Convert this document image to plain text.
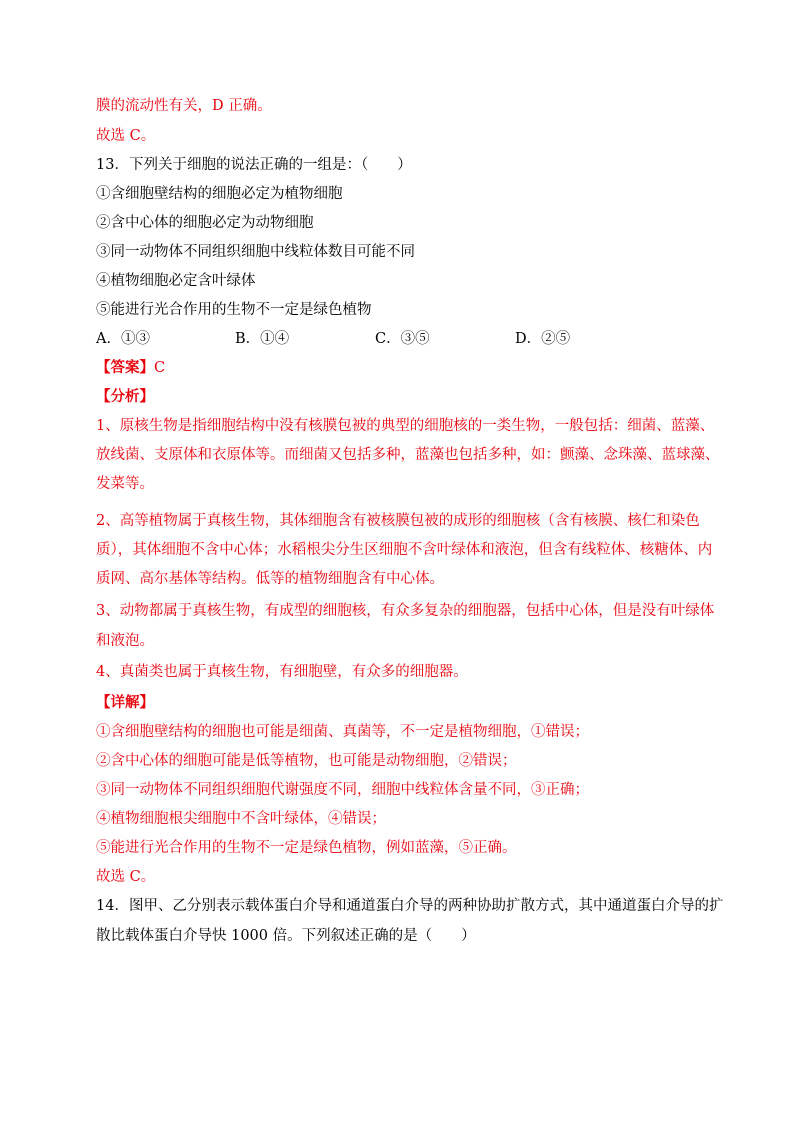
膜的流动性有关，D 正确。
故选 C。
13．下列关于细胞的说法正确的一组是：（　　）
①含细胞壁结构的细胞必定为植物细胞
②含中心体的细胞必定为动物细胞
③同一动物体不同组织细胞中线粒体数目可能不同
④植物细胞必定含叶绿体
⑤能进行光合作用的生物不一定是绿色植物
A．①③	B．①④	C．③⑤	D．②⑤
【答案】C
【分析】
1、原核生物是指细胞结构中没有核膜包被的典型的细胞核的一类生物，一般包括：细菌、蓝藻、
放线菌、支原体和衣原体等。而细菌又包括多种，蓝藻也包括多种，如：颤藻、念珠藻、蓝球藻、
发菜等。
2、高等植物属于真核生物，其体细胞含有被核膜包被的成形的细胞核（含有核膜、核仁和染色
质），其体细胞不含中心体；水稻根尖分生区细胞不含叶绿体和液泡，但含有线粒体、核糖体、内
质网、高尔基体等结构。低等的植物细胞含有中心体。
3、动物都属于真核生物，有成型的细胞核，有众多复杂的细胞器，包括中心体，但是没有叶绿体
和液泡。
4、真菌类也属于真核生物，有细胞壁，有众多的细胞器。
【详解】
①含细胞壁结构的细胞也可能是细菌、真菌等，不一定是植物细胞，①错误；
②含中心体的细胞可能是低等植物，也可能是动物细胞，②错误；
③同一动物体不同组织细胞代谢强度不同，细胞中线粒体含量不同，③正确；
④植物细胞根尖细胞中不含叶绿体，④错误；
⑤能进行光合作用的生物不一定是绿色植物，例如蓝藻，⑤正确。
故选 C。
14．图甲、乙分别表示载体蛋白介导和通道蛋白介导的两种协助扩散方式，其中通道蛋白介导的扩
散比载体蛋白介导快 1000 倍。下列叙述正确的是（　　）
